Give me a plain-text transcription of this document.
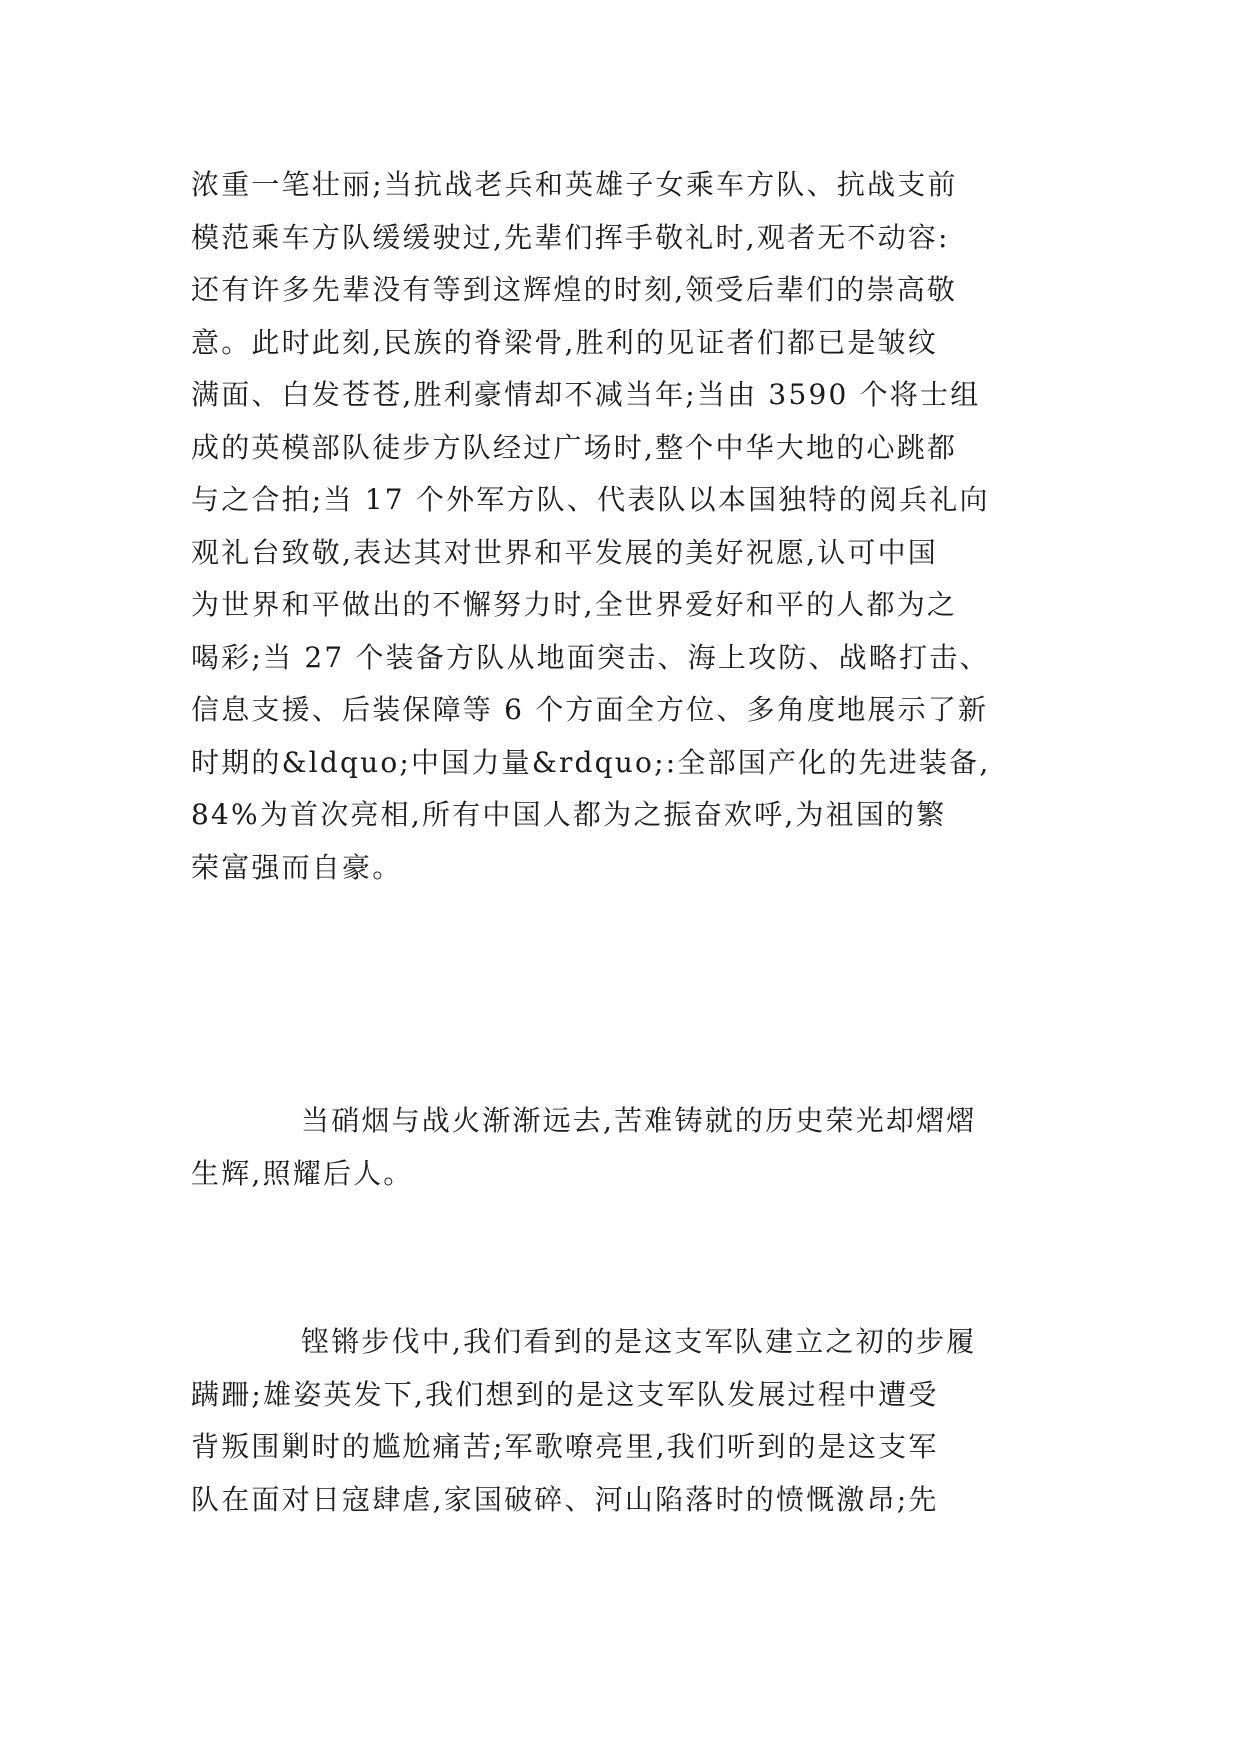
浓重一笔壮丽;当抗战老兵和英雄子女乘车方队、抗战支前
模范乘车方队缓缓驶过,先辈们挥手敬礼时,观者无不动容:
还有许多先辈没有等到这辉煌的时刻,领受后辈们的崇高敬
意。此时此刻,民族的脊梁骨,胜利的见证者们都已是皱纹
满面、白发苍苍,胜利豪情却不减当年;当由 3590 个将士组
成的英模部队徒步方队经过广场时,整个中华大地的心跳都
与之合拍;当 17 个外军方队、代表队以本国独特的阅兵礼向
观礼台致敬,表达其对世界和平发展的美好祝愿,认可中国
为世界和平做出的不懈努力时,全世界爱好和平的人都为之
喝彩;当 27 个装备方队从地面突击、海上攻防、战略打击、
信息支援、后装保障等 6 个方面全方位、多角度地展示了新
时期的&ldquo;中国力量&rdquo;:全部国产化的先进装备,
84%为首次亮相,所有中国人都为之振奋欢呼,为祖国的繁
荣富强而自豪。
当硝烟与战火渐渐远去,苦难铸就的历史荣光却熠熠
生辉,照耀后人。
铿锵步伐中,我们看到的是这支军队建立之初的步履
蹒跚;雄姿英发下,我们想到的是这支军队发展过程中遭受
背叛围剿时的尴尬痛苦;军歌嘹亮里,我们听到的是这支军
队在面对日寇肆虐,家国破碎、河山陷落时的愤慨激昂;先
